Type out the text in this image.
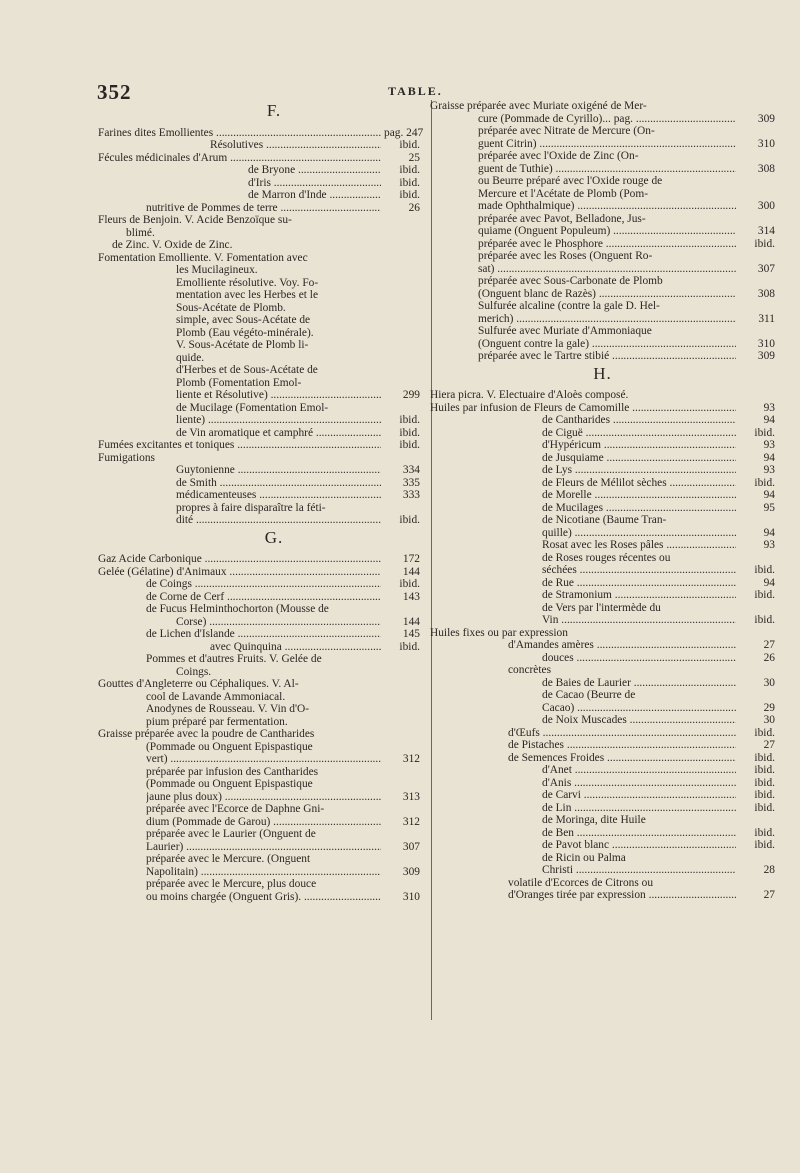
352	TABLE.
F.
Farines dites Emollientes .....	pag. 247
Résolutives .....	ibid.
Fécules médicinales d'Arum .....	25
de Bryone .....	ibid.
d'Iris .....	ibid.
de Marron d'Inde .....	ibid.
nutritive de Pommes de terre .....	26
Fleurs de Benjoin. V. Acide Benzoïque su-
blimé.
de Zinc. V. Oxide de Zinc.
Fomentation Emolliente. V. Fomentation avec
les Mucilagineux.
Emolliente résolutive. Voy. Fo-
mentation avec les Herbes et le
Sous-Acétate de Plomb.
simple, avec Sous-Acétate de
Plomb (Eau végéto-minérale).
V. Sous-Acétate de Plomb li-
quide.
d'Herbes et de Sous-Acétate de
Plomb (Fomentation Emol-
liente et Résolutive) .....	299
de Mucilage (Fomentation Emol-
liente) .....	ibid.
de Vin aromatique et camphré .....	ibid.
Fumées excitantes et toniques .....	ibid.
Fumigations
Guytonienne .....	334
de Smith .....	335
médicamenteuses .....	333
propres à faire disparaître la féti-
dité .....	ibid.
G.
Gaz Acide Carbonique .....	172
Gelée (Gélatine) d'Animaux .....	144
de Coings .....	ibid.
de Corne de Cerf .....	143
de Fucus Helminthochorton (Mousse de
Corse) .....	144
de Lichen d'Islande .....	145
avec Quinquina .....	ibid.
Pommes et d'autres Fruits. V. Gelée de
Coings.
Gouttes d'Angleterre ou Céphaliques. V. Al-
cool de Lavande Ammoniacal.
Anodynes de Rousseau. V. Vin d'O-
pium préparé par fermentation.
Graisse préparée avec la poudre de Cantharides
(Pommade ou Onguent Epispastique
vert) .....	312
préparée par infusion des Cantharides
(Pommade ou Onguent Epispastique
jaune plus doux) .....	313
préparée avec l'Ecorce de Daphne Gni-
dium (Pommade de Garou) .....	312
préparée avec le Laurier (Onguent de
Laurier) .....	307
préparée avec le Mercure. (Onguent
Napolitain) .....	309
préparée avec le Mercure, plus douce
ou moins chargée (Onguent Gris). .....	310
Graisse préparée avec Muriate oxigéné de Mer-
cure (Pommade de Cyrillo)... pag. .....	309
préparée avec Nitrate de Mercure (On-
guent Citrin) .....	310
préparée avec l'Oxide de Zinc (On-
guent de Tuthie) .....	308
ou Beurre préparé avec l'Oxide rouge de
Mercure et l'Acétate de Plomb (Pom-
made Ophthalmique) .....	300
préparée avec Pavot, Belladone, Jus-
quiame (Onguent Populeum) .....	314
préparée avec le Phosphore .....	ibid.
préparée avec les Roses (Onguent Ro-
sat) .....	307
préparée avec Sous-Carbonate de Plomb
(Onguent blanc de Razès) .....	308
Sulfurée alcaline (contre la gale D. Hel-
merich) .....	311
Sulfurée avec Muriate d'Ammoniaque
(Onguent contre la gale) .....	310
préparée avec le Tartre stibié .....	309
H.
Hiera picra. V. Electuaire d'Aloès composé.
Huiles par infusion de Fleurs de Camomille .....	93
de Cantharides .....	94
de Ciguë .....	ibid.
d'Hypéricum .....	93
de Jusquiame .....	94
de Lys .....	93
de Fleurs de Mélilot sèches .....	ibid.
de Morelle .....	94
de Mucilages .....	95
de Nicotiane (Baume Tran-
quille) .....	94
Rosat avec les Roses pâles .....	93
de Roses rouges récentes ou
séchées .....	ibid.
de Rue .....	94
de Stramonium .....	ibid.
de Vers par l'intermède du
Vin .....	ibid.
Huiles fixes ou par expression
d'Amandes amères .....	27
douces .....	26
concrètes
de Baies de Laurier .....	30
de Cacao (Beurre de
Cacao) .....	29
de Noix Muscades .....	30
d'Œufs .....	ibid.
de Pistaches .....	27
de Semences Froides .....	ibid.
d'Anet .....	ibid.
d'Anis .....	ibid.
de Carvi .....	ibid.
de Lin .....	ibid.
de Moringa, dite Huile
de Ben .....	ibid.
de Pavot blanc .....	ibid.
de Ricin ou Palma
Christi .....	28
volatile d'Ecorces de Citrons ou
d'Oranges tirée par expression .....	27
